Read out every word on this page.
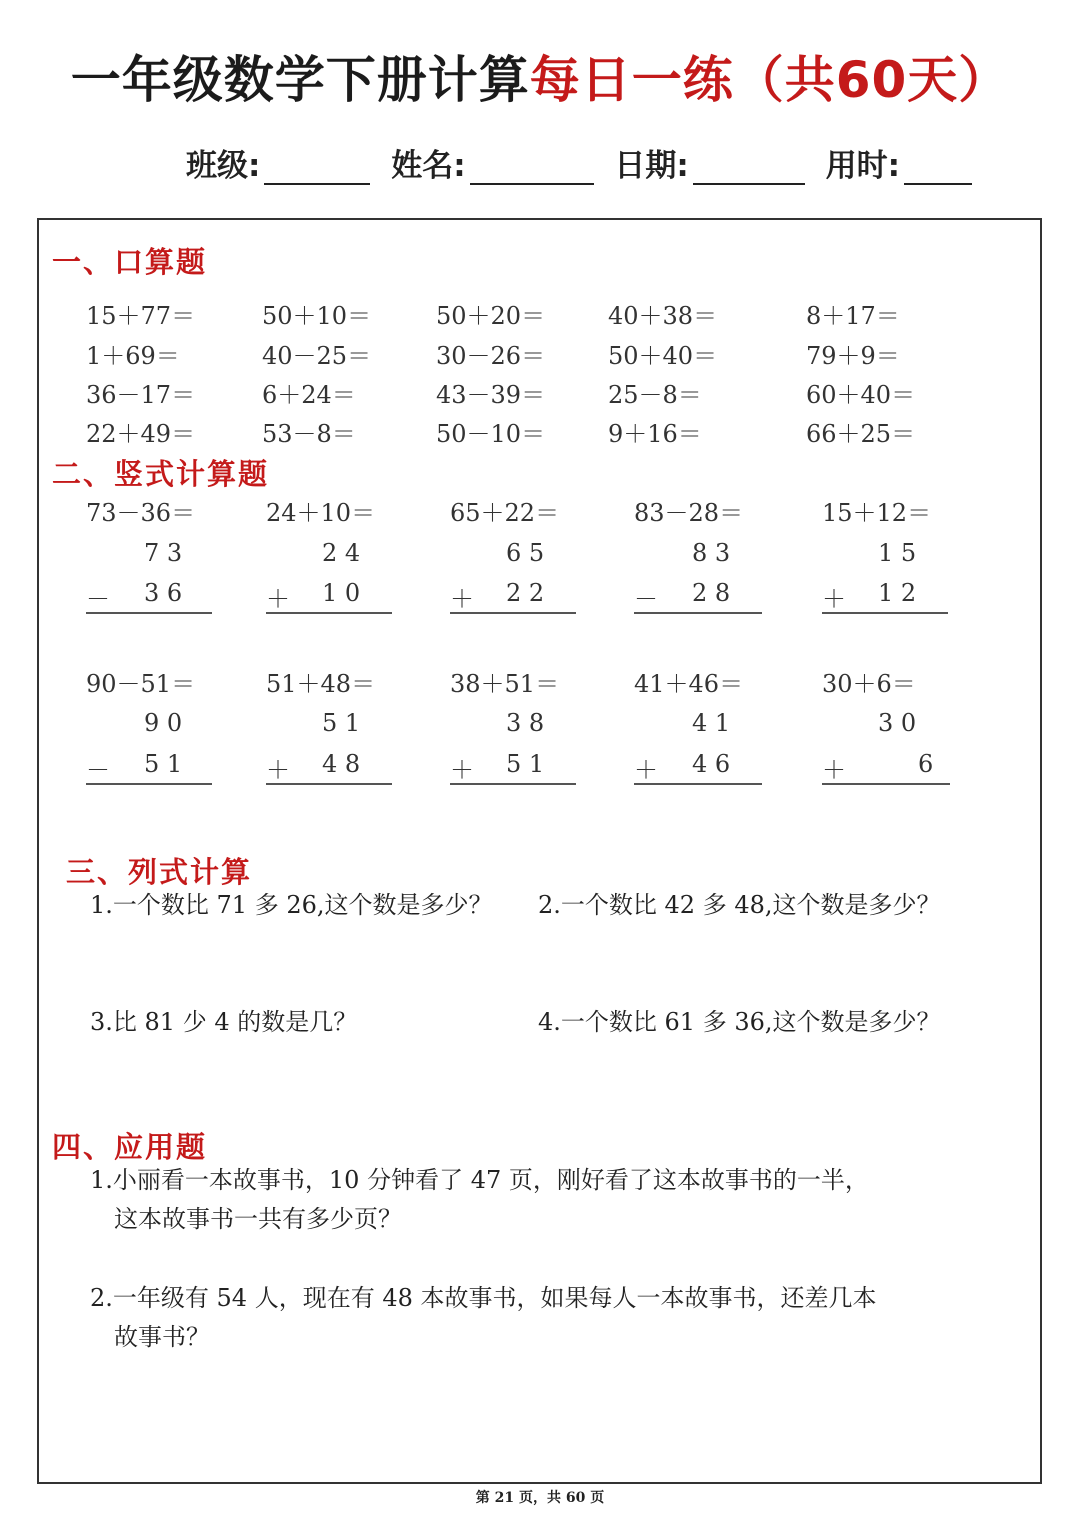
一年级数学下册计算每日一练（共60天）
班级:	姓名:	日期:	用时:
一、口算题
15＋77＝	50＋10＝	50＋20＝	40＋38＝	8＋17＝
1＋69＝	40－25＝	30－26＝	50＋40＝	79＋9＝
36－17＝	6＋24＝	43－39＝	25－8＝	60＋40＝
22＋49＝	53－8＝	50－10＝	9＋16＝	66＋25＝
二、竖式计算题
73－36＝
7 3
－ 3 6
24＋10＝
2 4
＋ 1 0
65＋22＝
6 5
＋ 2 2
83－28＝
8 3
－ 2 8
15＋12＝
1 5
＋ 1 2
90－51＝
9 0
－ 5 1
51＋48＝
5 1
＋ 4 8
38＋51＝
3 8
＋ 5 1
41＋46＝
4 1
＋ 4 6
30＋6＝
3 0
＋	6
三、列式计算
1.一个数比 71 多 26,这个数是多少？ 2.一个数比 42 多 48,这个数是多少？
3.比 81 少 4 的数是几？	4.一个数比 61 多 36,这个数是多少？
四、应用题
1.小丽看一本故事书，10 分钟看了 47 页，刚好看了这本故事书的一半，
这本故事书一共有多少页？
2.一年级有 54 人，现在有 48 本故事书，如果每人一本故事书，还差几本
故事书？
第 21 页，共 60 页
